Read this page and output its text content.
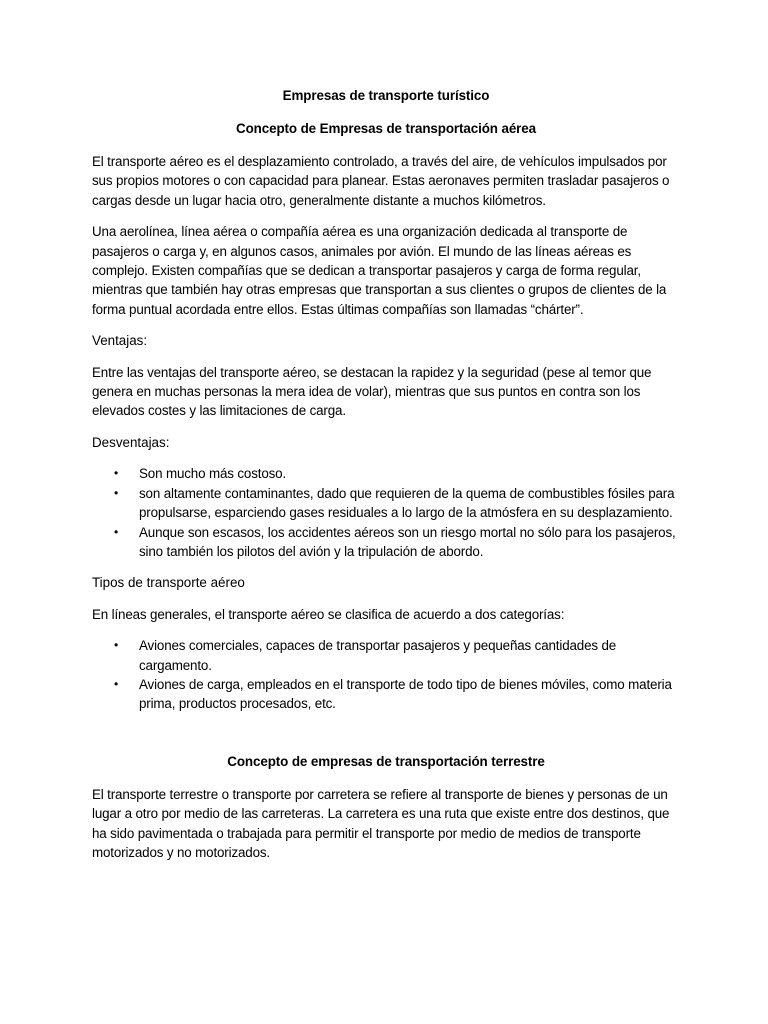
Empresas de transporte turístico
Concepto de Empresas de transportación aérea

El transporte aéreo es el desplazamiento controlado, a través del aire, de vehículos impulsados por sus propios motores o con capacidad para planear. Estas aeronaves permiten trasladar pasajeros o cargas desde un lugar hacia otro, generalmente distante a muchos kilómetros.

Una aerolínea, línea aérea o compañía aérea es una organización dedicada al transporte de pasajeros o carga y, en algunos casos, animales por avión. El mundo de las líneas aéreas es complejo. Existen compañías que se dedican a transportar pasajeros y carga de forma regular, mientras que también hay otras empresas que transportan a sus clientes o grupos de clientes de la forma puntual acordada entre ellos. Estas últimas compañías son llamadas “chárter”.

Ventajas:

Entre las ventajas del transporte aéreo, se destacan la rapidez y la seguridad (pese al temor que genera en muchas personas la mera idea de volar), mientras que sus puntos en contra son los elevados costes y las limitaciones de carga.

Desventajas:
• Son mucho más costoso.
• son altamente contaminantes, dado que requieren de la quema de combustibles fósiles para propulsarse, esparciendo gases residuales a lo largo de la atmósfera en su desplazamiento.
• Aunque son escasos, los accidentes aéreos son un riesgo mortal no sólo para los pasajeros, sino también los pilotos del avión y la tripulación de abordo.
Tipos de transporte aéreo

En líneas generales, el transporte aéreo se clasifica de acuerdo a dos categorías:

• Aviones comerciales, capaces de transportar pasajeros y pequeñas cantidades de cargamento.
• Aviones de carga, empleados en el transporte de todo tipo de bienes móviles, como materia prima, productos procesados, etc.
Concepto de empresas de transportación terrestre

El transporte terrestre o transporte por carretera se refiere al transporte de bienes y personas de un lugar a otro por medio de las carreteras. La carretera es una ruta que existe entre dos destinos, que ha sido pavimentada o trabajada para permitir el transporte por medio de medios de transporte motorizados y no motorizados.
